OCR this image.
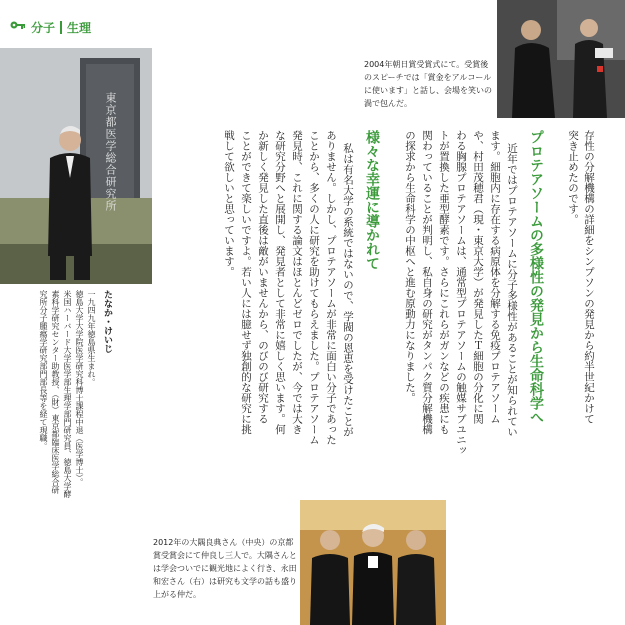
分子 生理
東京都医学総合研究所
2004年朝日賞受賞式にて。受賞後のスピーチでは「賞金をアルコールに使います」と話し、会場を笑いの渦で包んだ。
2012年の大隅良典さん（中央）の京都賞受賞会にて仲良し三人で。大隅さんとは学会ついでに観光地によく行き、永田和宏さん（右）は研究も文学の話も盛り上がる仲だ。
存性の分解機構の詳細をシンプソンの発見から約半世紀かけて
突き止めたのです。
プロテアソームの多様性の発見から生命科学へ
近年ではプロテアソームに分子多様性があることが知られてい
ます。細胞内に存在する病原体を分解する免疫プロテアソーム
や、村田茂穂君（現・東京大学）が発見したＴ細胞の分化に関
わる胸腺プロテアソームは、通常型プロテアソームの触媒サブユニッ
トが置換した亜型酵素です。さらにこれらがガンなどの疾患にも
関わっていることが判明し、私自身の研究がタンパク質分解機構
の探求から生命科学の中枢へと進む原動力になりました。
様々な幸運に導かれて
私は有名大学の系統ではないので、学閥の恩恵を受けたことが
ありません。しかし、プロテアソームが非常に面白い分子であった
ことから、多くの人に研究を助けてもらえました。プロテアソーム
発見時、これに関する論文はほとんどゼロでしたが、今では大き
な研究分野へと展開し、発見者として非常に嬉しく思います。何
か新しく発見した直後は敵がいませんから、のびのび研究する
ことができて楽しいですよ。若い人には臆せず独創的な研究に挑
戦して欲しいと思っています。
たなか・けいじ
一九四九年徳島県生まれ。
徳島大学大学院医学研究科博士課程中退（医学博士）。
米国ハーバード大学医学部生理学部門研究員、徳島大学酵
素科学研究センター助教授、（財）東京都臨床医学総合研
究所分子腫瘍学研究部門部長等を経て現職。
